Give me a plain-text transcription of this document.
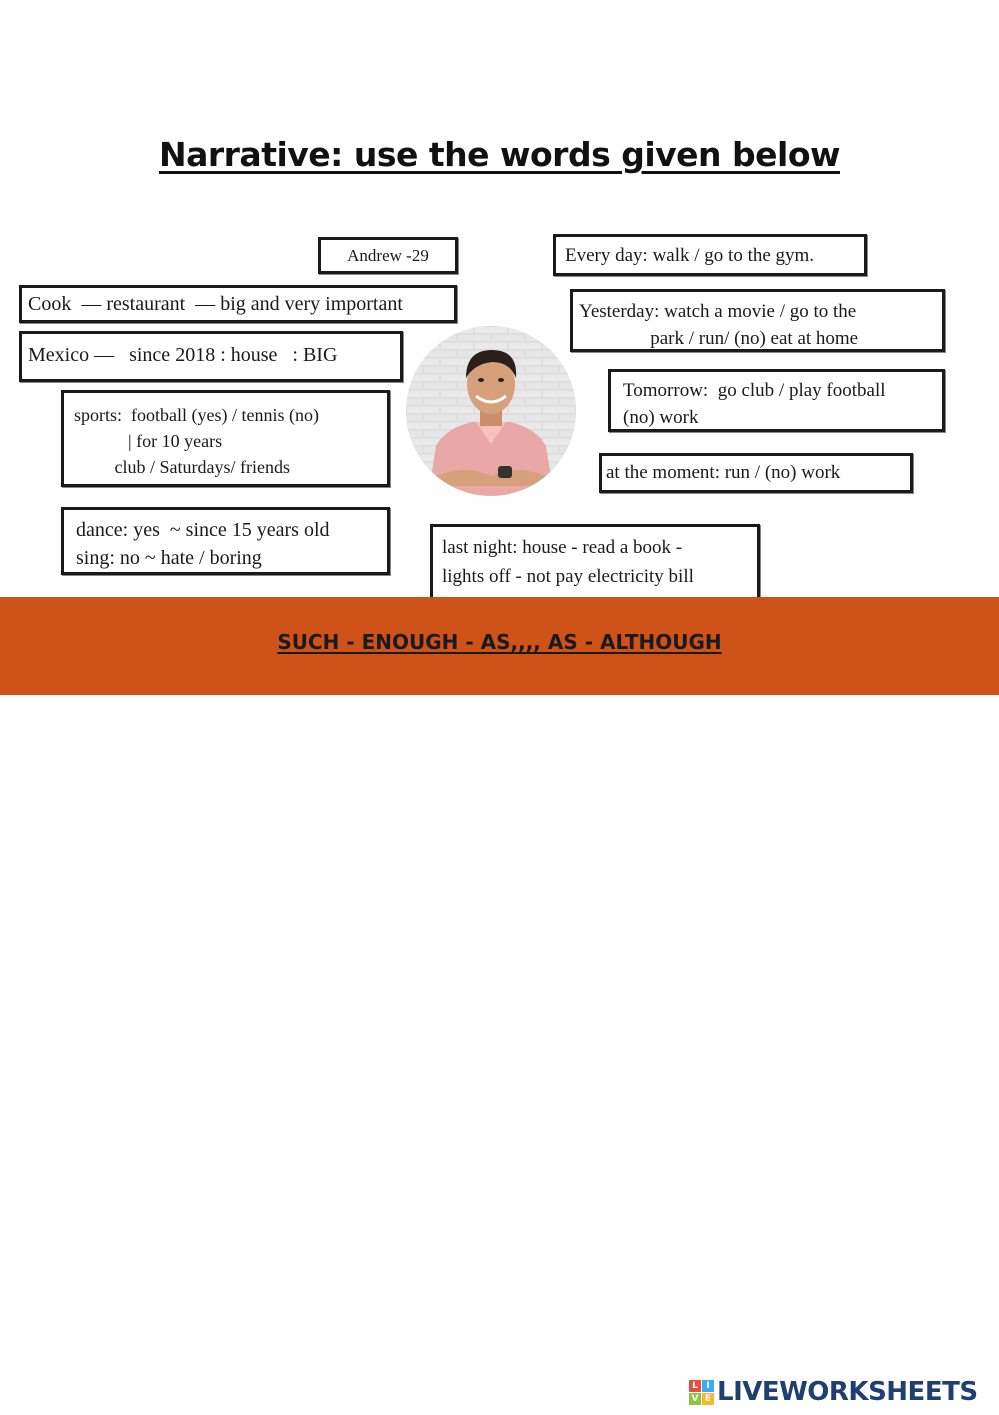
Narrative: use the words given below
Andrew -29
Cook  — restaurant  — big and very important
Mexico —   since 2018 : house   : BIG
sports:  football (yes) / tennis (no)
| for 10 years
club / Saturdays/ friends
dance: yes  ~ since 15 years old
sing: no ~ hate / boring
Every day: walk / go to the gym.
Yesterday: watch a movie / go to the
park / run/ (no) eat at home
Tomorrow:  go club / play football
(no) work
at the moment: run / (no) work
last night: house - read a book -
lights off - not pay electricity bill
SUCH - ENOUGH - AS,,,, AS - ALTHOUGH
L I
V E LIVEWORKSHEETS
